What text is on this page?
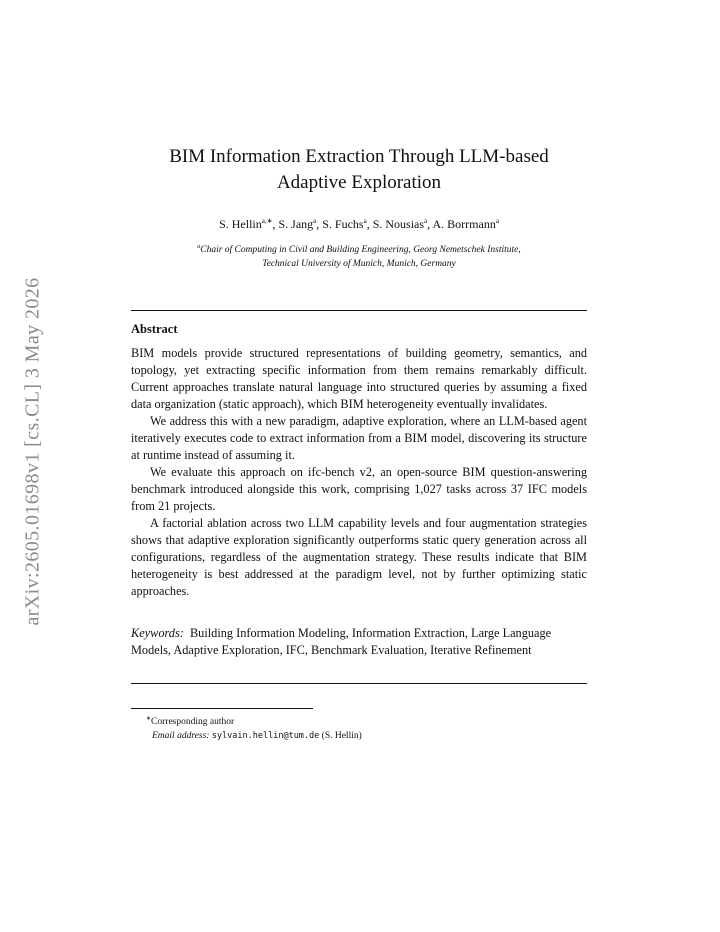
arXiv:2605.01698v1 [cs.CL] 3 May 2026
BIM Information Extraction Through LLM-based
Adaptive Exploration
S. Hellin$^{a,∗}$, S. Jang$^a$, S. Fuchs$^a$, S. Nousias$^a$, A. Borrmann$^a$
$^a$Chair of Computing in Civil and Building Engineering, Georg Nemetschek Institute,
Technical University of Munich, Munich, Germany
Abstract

BIM models provide structured representations of building geometry, semantics, and topology, yet extracting specific information from them remains remarkably difficult. Current approaches translate natural language into structured queries by assuming a fixed data organization (static approach), which BIM heterogeneity eventually invalidates.

We address this with a new paradigm, adaptive exploration, where an LLM-based agent iteratively executes code to extract information from a BIM model, discovering its structure at runtime instead of assuming it.

We evaluate this approach on ifc-bench v2, an open-source BIM question-answering benchmark introduced alongside this work, comprising 1,027 tasks across 37 IFC models from 21 projects.

A factorial ablation across two LLM capability levels and four augmentation strategies shows that adaptive exploration significantly outperforms static query generation across all configurations, regardless of the augmentation strategy. These results indicate that BIM heterogeneity is best addressed at the paradigm level, not by further optimizing static approaches.

Keywords: Building Information Modeling, Information Extraction, Large Language Models, Adaptive Exploration, IFC, Benchmark Evaluation, Iterative Refinement
∗Corresponding author
Email address: sylvain.hellin@tum.de (S. Hellin)
